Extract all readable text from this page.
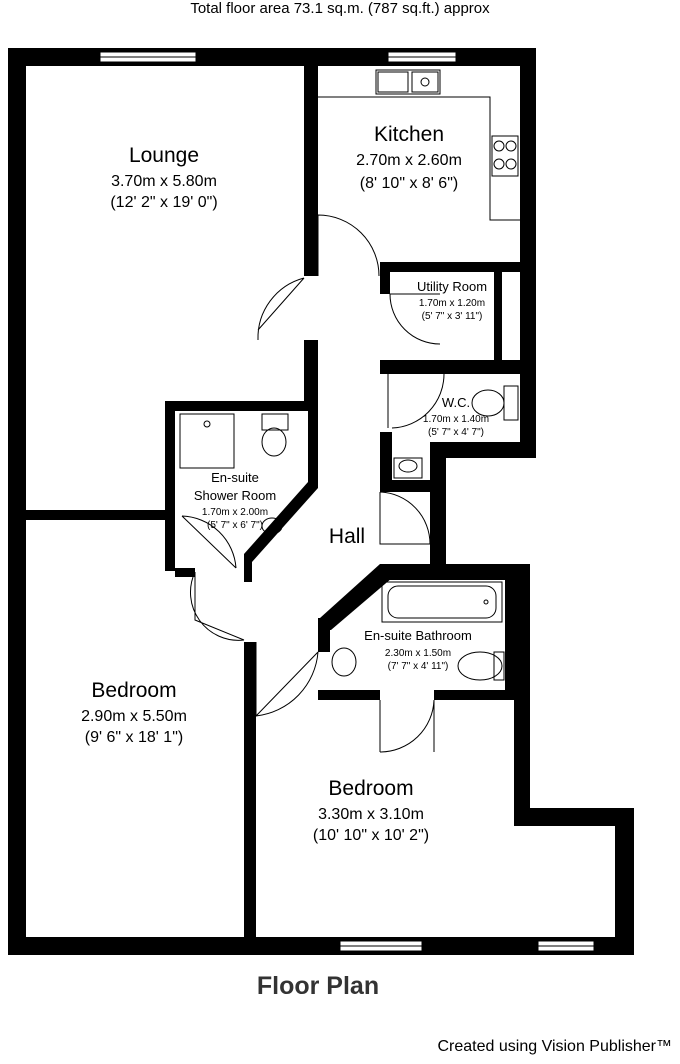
Total floor area 73.1 sq.m. (787 sq.ft.) approx
Lounge
3.70m x 5.80m
(12' 2" x 19' 0")
Kitchen
2.70m x 2.60m
(8' 10" x 8' 6")
Utility Room
1.70m x 1.20m
(5' 7" x 3' 11")
W.C.
1.70m x 1.40m
(5' 7" x 4' 7")
En-suite
Shower Room
1.70m x 2.00m
(5' 7" x 6' 7")	Hall
En-suite Bathroom
2.30m x 1.50m
(7' 7" x 4' 11")
Bedroom
2.90m x 5.50m
(9' 6" x 18' 1")
Bedroom
3.30m x 3.10m
(10' 10" x 10' 2")
Floor Plan
Created using Vision Publisher™
